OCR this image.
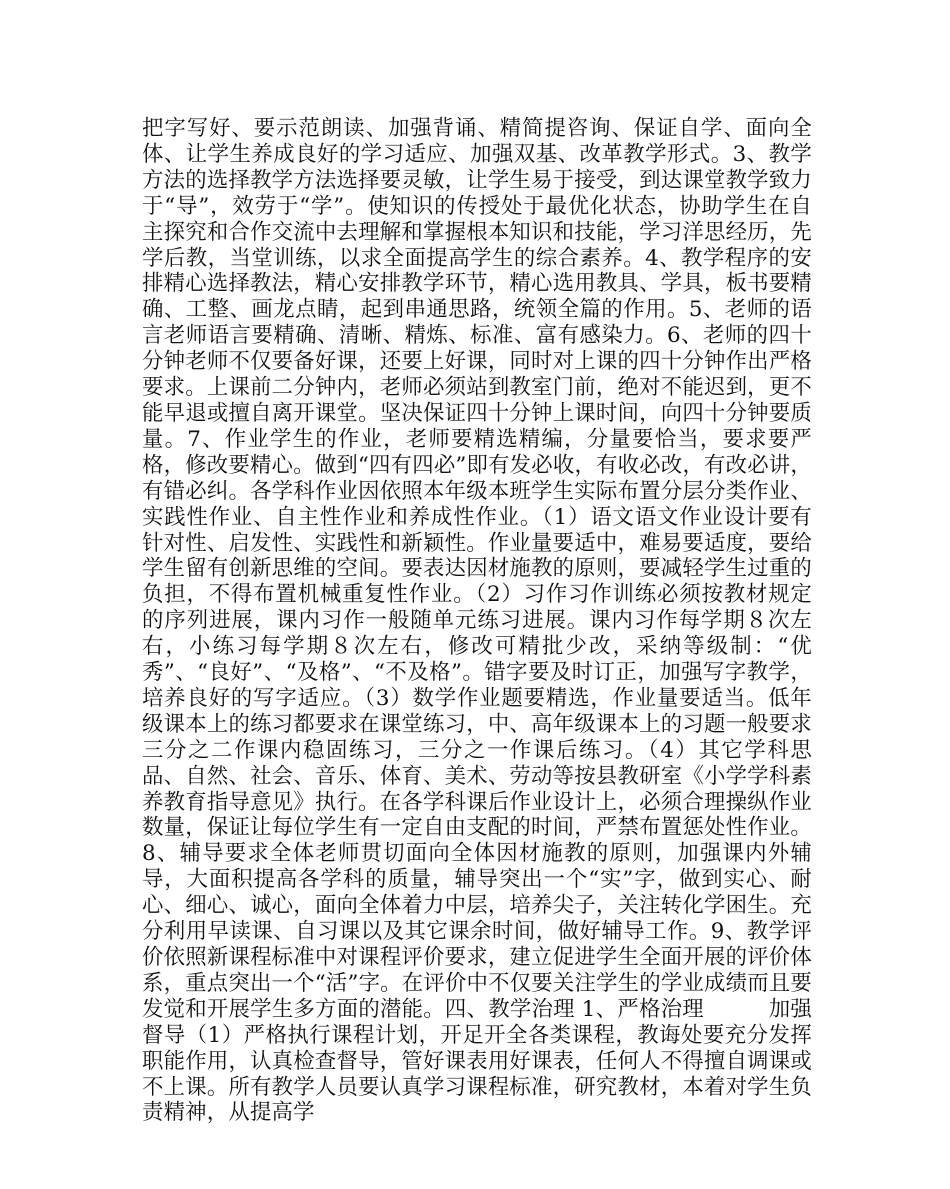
把字写好、要示范朗读、加强背诵、精简提咨询、保证自学、面向全体、让学生养成良好的学习适应、加强双基、改革教学形式。3、教学方法的选择教学方法选择要灵敏，让学生易于接受，到达课堂教学致力于“导”，效劳于“学”。使知识的传授处于最优化状态，协助学生在自主探究和合作交流中去理解和掌握根本知识和技能，学习洋思经历，先学后教，当堂训练，以求全面提高学生的综合素养。4、教学程序的安排精心选择教法，精心安排教学环节，精心选用教具、学具，板书要精确、工整、画龙点睛，起到串通思路，统领全篇的作用。5、老师的语言老师语言要精确、清晰、精炼、标准、富有感染力。6、老师的四十分钟老师不仅要备好课，还要上好课，同时对上课的四十分钟作出严格要求。上课前二分钟内，老师必须站到教室门前，绝对不能迟到，更不能早退或擅自离开课堂。坚决保证四十分钟上课时间，向四十分钟要质量。7、作业学生的作业，老师要精选精编，分量要恰当，要求要严格，修改要精心。做到“四有四必”即有发必收，有收必改，有改必讲，有错必纠。各学科作业因依照本年级本班学生实际布置分层分类作业、实践性作业、自主性作业和养成性作业。（1）语文语文作业设计要有针对性、启发性、实践性和新颖性。作业量要适中，难易要适度，要给学生留有创新思维的空间。要表达因材施教的原则，要减轻学生过重的负担，不得布置机械重复性作业。（2）习作习作训练必须按教材规定的序列进展，课内习作一般随单元练习进展。课内习作每学期８次左右，小练习每学期８次左右，修改可精批少改，采纳等级制：“优秀”、“良好”、“及格”、“不及格”。错字要及时订正，加强写字教学，培养良好的写字适应。（3）数学作业题要精选，作业量要适当。低年级课本上的练习都要求在课堂练习，中、高年级课本上的习题一般要求三分之二作课内稳固练习，三分之一作课后练习。（4）其它学科思品、自然、社会、音乐、体育、美术、劳动等按县教研室《小学学科素养教育指导意见》执行。在各学科课后作业设计上，必须合理操纵作业数量，保证让每位学生有一定自由支配的时间，严禁布置惩处性作业。8、辅导要求全体老师贯切面向全体因材施教的原则，加强课内外辅导，大面积提高各学科的质量，辅导突出一个“实”字，做到实心、耐心、细心、诚心，面向全体着力中层，培养尖子，关注转化学困生。充分利用早读课、自习课以及其它课余时间，做好辅导工作。9、教学评价依照新课程标准中对课程评价要求，建立促进学生全面开展的评价体系，重点突出一个“活”字。在评价中不仅要关注学生的学业成绩而且要发觉和开展学生多方面的潜能。四、教学治理 1、严格治理　　　加强督导（1）严格执行课程计划，开足开全各类课程，教诲处要充分发挥职能作用，认真检查督导，管好课表用好课表，任何人不得擅自调课或不上课。所有教学人员要认真学习课程标准，研究教材，本着对学生负责精神，从提高学
